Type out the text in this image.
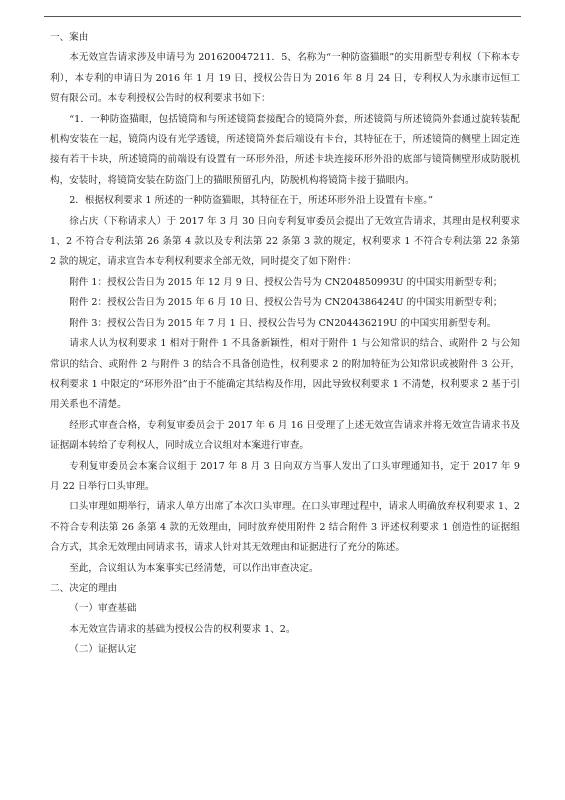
一、案由

本无效宣告请求涉及申请号为 201620047211．5、名称为“一种防盗猫眼”的实用新型专利权（下称本专利），本专利的申请日为 2016 年 1 月 19 日，授权公告日为 2016 年 8 月 24 日，专利权人为永康市远恒工贸有限公司。本专利授权公告时的权利要求书如下：

“1．一种防盗猫眼，包括镜筒和与所述镜筒套接配合的镜筒外套，所述镜筒与所述镜筒外套通过旋转装配机构安装在一起，镜筒内设有光学透镜，所述镜筒外套后端设有卡台，其特征在于，所述镜筒的侧壁上固定连接有若干卡块，所述镜筒的前端设有设置有一环形外沿，所述卡块连接环形外沿的底部与镜筒侧壁形成防脱机构，安装时，将镜筒安装在防盗门上的猫眼预留孔内，防脱机构将镜筒卡接于猫眼内。

2．根据权利要求 1 所述的一种防盗猫眼，其特征在于，所述环形外沿上设置有卡座。”

徐占庆（下称请求人）于 2017 年 3 月 30 日向专利复审委员会提出了无效宣告请求，其理由是权利要求 1、2 不符合专利法第 26 条第 4 款以及专利法第 22 条第 3 款的规定，权利要求 1 不符合专利法第 22 条第 2 款的规定，请求宣告本专利权利要求全部无效，同时提交了如下附件：

附件 1：授权公告日为 2015 年 12 月 9 日、授权公告号为 CN204850993U 的中国实用新型专利；

附件 2：授权公告日为 2015 年 6 月 10 日、授权公告号为 CN204386424U 的中国实用新型专利；

附件 3：授权公告日为 2015 年 7 月 1 日、授权公告号为 CN204436219U 的中国实用新型专利。

请求人认为权利要求 1 相对于附件 1 不具备新颖性，相对于附件 1 与公知常识的结合、或附件 2 与公知常识的结合、或附件 2 与附件 3 的结合不具备创造性，权利要求 2 的附加特征为公知常识或被附件 3 公开，权利要求 1 中限定的“环形外沿”由于不能确定其结构及作用，因此导致权利要求 1 不清楚，权利要求 2 基于引用关系也不清楚。

经形式审查合格，专利复审委员会于 2017 年 6 月 16 日受理了上述无效宣告请求并将无效宣告请求书及证据副本转给了专利权人，同时成立合议组对本案进行审查。

专利复审委员会本案合议组于 2017 年 8 月 3 日向双方当事人发出了口头审理通知书，定于 2017 年 9 月 22 日举行口头审理。

口头审理如期举行，请求人单方出席了本次口头审理。在口头审理过程中，请求人明确放弃权利要求 1、2 不符合专利法第 26 条第 4 款的无效理由，同时放弃使用附件 2 结合附件 3 评述权利要求 1 创造性的证据组合方式，其余无效理由同请求书，请求人针对其无效理由和证据进行了充分的陈述。

至此，合议组认为本案事实已经清楚，可以作出审查决定。

二、决定的理由

（一）审查基础

本无效宣告请求的基础为授权公告的权利要求 1、2。

（二）证据认定
